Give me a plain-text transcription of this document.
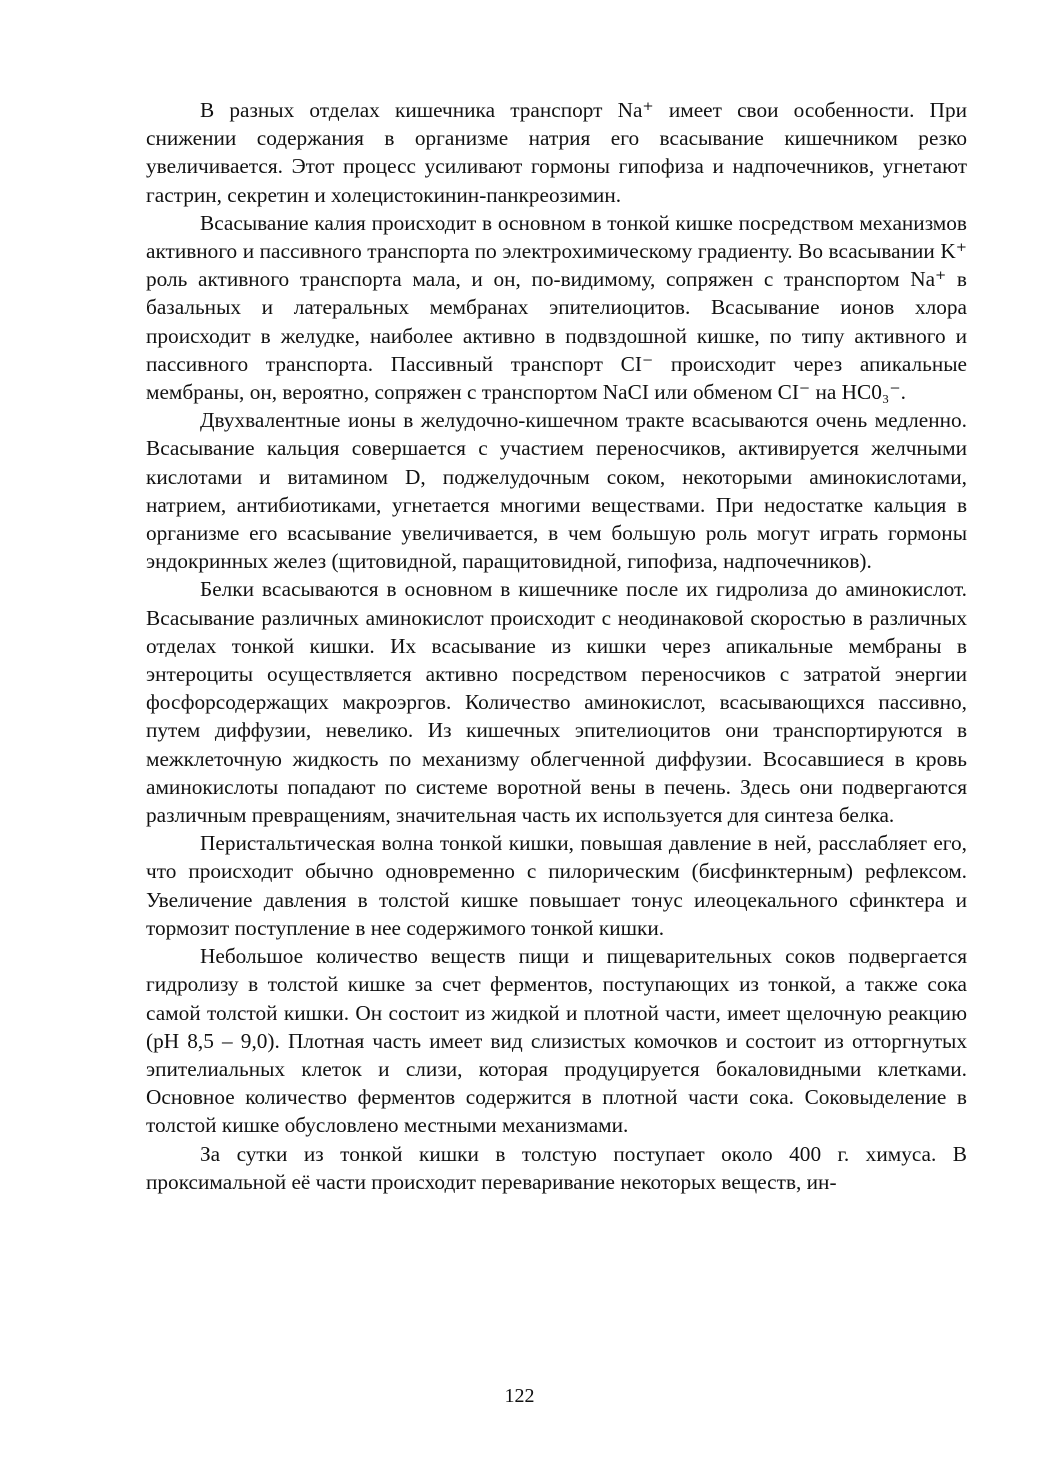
В разных отделах кишечника транспорт Na⁺ имеет свои особенности. При снижении содержания в организме натрия его всасывание кишечником резко увеличивается. Этот процесс усиливают гормоны гипофиза и надпочечников, угнетают гастрин, секретин и холецистокинин-панкреозимин.

Всасывание калия происходит в основном в тонкой кишке посредством механизмов активного и пассивного транспорта по электрохимическому градиенту. Во всасывании K⁺ роль активного транспорта мала, и он, по-видимому, сопряжен с транспортом Na⁺ в базальных и латеральных мембранах эпителиоцитов. Всасывание ионов хлора происходит в желудке, наиболее активно в подвздошной кишке, по типу активного и пассивного транспорта. Пассивный транспорт CI⁻ происходит через апикальные мембраны, он, вероятно, сопряжен с транспортом NaCI или обменом CI⁻ на НС0₃⁻.

Двухвалентные ионы в желудочно-кишечном тракте всасываются очень медленно. Всасывание кальция совершается с участием переносчиков, активируется желчными кислотами и витамином D, поджелудочным соком, некоторыми аминокислотами, натрием, антибиотиками, угнетается многими веществами. При недостатке кальция в организме его всасывание увеличивается, в чем большую роль могут играть гормоны эндокринных желез (щитовидной, паращитовидной, гипофиза, надпочечников).

Белки всасываются в основном в кишечнике после их гидролиза до аминокислот. Всасывание различных аминокислот происходит с неодинаковой скоростью в различных отделах тонкой кишки. Их всасывание из кишки через апикальные мембраны в энтероциты осуществляется активно посредством переносчиков с затратой энергии фосфорсодержащих макроэргов. Количество аминокислот, всасывающихся пассивно, путем диффузии, невелико. Из кишечных эпителиоцитов они транспортируются в межклеточную жидкость по механизму облегченной диффузии. Всосавшиеся в кровь аминокислоты попадают по системе воротной вены в печень. Здесь они подвергаются различным превращениям, значительная часть их используется для синтеза белка.

Перистальтическая волна тонкой кишки, повышая давление в ней, расслабляет его, что происходит обычно одновременно с пилорическим (бисфинктерным) рефлексом. Увеличение давления в толстой кишке повышает тонус илеоцекального сфинктера и тормозит поступление в нее содержимого тонкой кишки.

Небольшое количество веществ пищи и пищеварительных соков подвергается гидролизу в толстой кишке за счет ферментов, поступающих из тонкой, а также сока самой толстой кишки. Он состоит из жидкой и плотной части, имеет щелочную реакцию (рН 8,5 – 9,0). Плотная часть имеет вид слизистых комочков и состоит из отторгнутых эпителиальных клеток и слизи, которая продуцируется бокаловидными клетками. Основное количество ферментов содержится в плотной части сока. Соковыделение в толстой кишке обусловлено местными механизмами.

За сутки из тонкой кишки в толстую поступает около 400 г. химуса. В проксимальной её части происходит переваривание некоторых веществ, ин-

122
